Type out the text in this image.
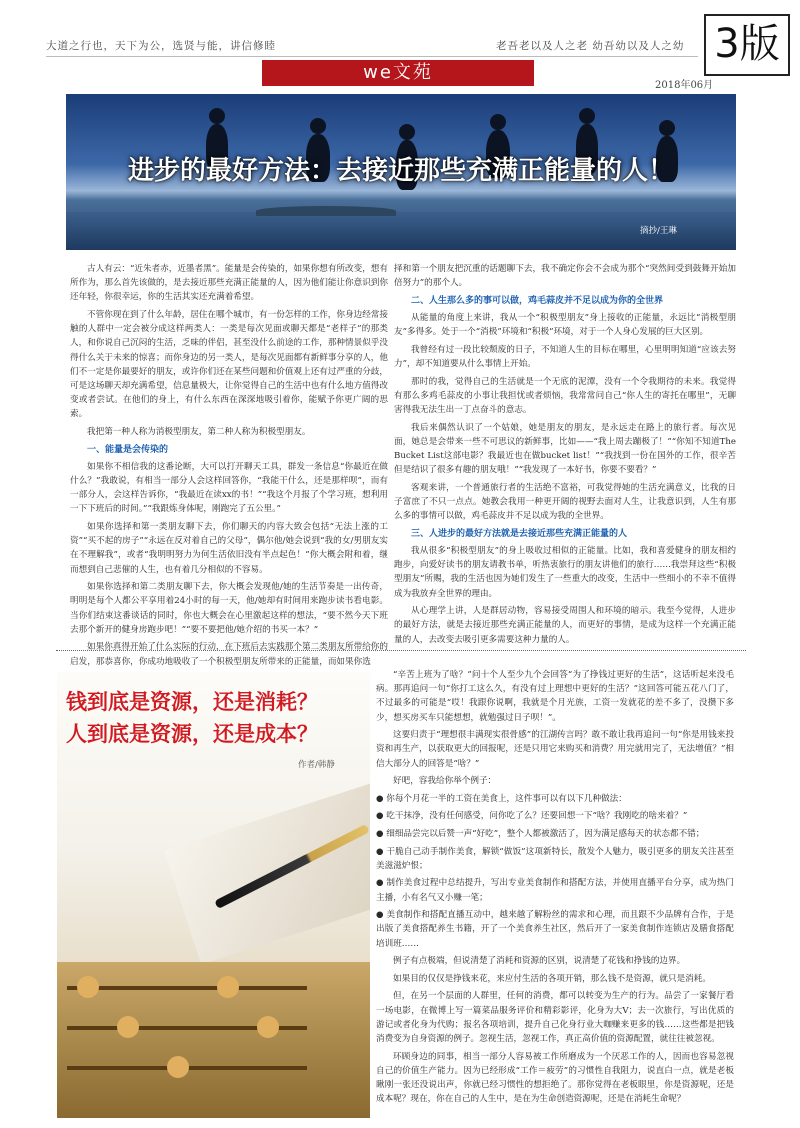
大道之行也，天下为公，选贤与能，讲信修睦	老吾老以及人之老 幼吾幼以及人之幼 3版
we文苑
2018年06月
进步的最好方法：去接近那些充满正能量的人！
摘抄/王琳

古人有云：“近朱者赤，近墨者黑”。能量是会传染的，如果你想有所改变，想有所作为，那么首先该做的，是去接近那些充满正能量的人，因为他们能让你意识到你还年轻，你很幸运，你的生活其实还充满着希望。

不管你现在到了什么年龄，居住在哪个城市，有一份怎样的工作，你身边经常接触的人群中一定会被分成这样两类人：一类是每次见面或聊天都是“老样子”的那类人，和你说自己沉闷的生活，乏味的伴侣，甚至没什么前途的工作，那种情景似乎没得什么关于未来的惊喜；而你身边的另一类人，是每次见面都有新鲜事分享的人，他们不一定是你最要好的朋友，或许你们还在某些问题和价值观上还有过严重的分歧，可是这场聊天却充满希望，信息量极大，让你觉得自己的生活中也有什么地方值得改变或者尝试。在他们的身上，有什么东西在深深地吸引着你，能赋予你更广阔的思索。

我把第一种人称为消极型朋友，第二种人称为积极型朋友。

一、能量是会传染的

如果你不相信我的这番论断，大可以打开聊天工具，群发一条信息“你最近在做什么？”我敢说，有相当一部分人会这样回答你，“我能干什么，还是那样呗”，而有一部分人，会这样告诉你，“我最近在读xx的书！”“我这个月报了个学习班，想利用一下下班后的时间。”“我跟炼身体呢，刚跑完了五公里。”

如果你选择和第一类朋友聊下去，你们聊天的内容大致会包括“无法上涨的工资”“买不起的房子”“永远在反对着自己的父母”，偶尔他/她会说到“我的女/男朋友实在不理解我”，或者“我明明努力为何生活依旧没有半点起色！”你大概会附和着，继而想到自己悲催的人生，也有着几分相似的不容易。

如果你选择和第二类朋友聊下去，你大概会发现他/她的生活节奏是一出传奇，明明是每个人都公平享用着24小时的每一天，他/她却有时间用来跑步读书看电影。当你们结束这番谈话的同时，你也大概会在心里激起这样的想法，“要不然今天下班去那个新开的健身房跑步吧！”“要不要把他/她介绍的书买一本？”

如果你真得开始了什么实际的行动，在下班后去实践那个第二类朋友所带给你的启发，那恭喜你，你成功地吸收了一个积极型朋友所带来的正能量，而如果你选

择和第一个朋友把沉重的话题聊下去，我不确定你会不会成为那个“突然间受到鼓舞开始加倍努力”的那个人。

二、人生那么多的事可以做，鸡毛蒜皮并不足以成为你的全世界

从能量的角度上来讲，我从一个“积极型朋友”身上接收的正能量，永远比“消极型朋友”多得多。处于一个“消极”环境和“积极”环境，对于一个人身心发展的巨大区别。

我曾经有过一段比较颓废的日子，不知道人生的目标在哪里，心里明明知道“应该去努力”，却不知道要从什么事情上开始。

那时的我，觉得自己的生活就是一个无底的泥潭，没有一个令我期待的未来。我觉得有那么多鸡毛蒜皮的小事让我担忧或者烦恼，我常常问自己“你人生的寄托在哪里”，无聊害得我无法生出一丁点奋斗的意志。

我后来偶然认识了一个姑娘，她是朋友的朋友，是永远走在路上的旅行者。每次见面，她总是会带来一些不可思议的新鲜事，比如——“我上周去蹦极了！”“你知不知道The Bucket List这部电影？我最近也在做bucket list！”“我找到一份在国外的工作，很辛苦但是结识了很多有趣的朋友哦！”“我发现了一本好书，你要不要看？”

客观来讲，一个普通旅行者的生活绝不富裕，可我觉得她的生活充满意义，比我的日子富庶了不只一点点。她教会我用一种更开阔的视野去面对人生，让我意识到，人生有那么多的事情可以做，鸡毛蒜皮并不足以成为我的全世界。

三、人进步的最好方法就是去接近那些充满正能量的人

我从很多“积极型朋友”的身上吸收过相似的正能量。比如，我和喜爱健身的朋友相约跑步，向爱好读书的朋友请教书单，听热衷旅行的朋友讲他们的旅行……我崇拜这些“积极型朋友”所赐，我的生活也因为她们发生了一些重大的改变，生活中一些细小的不幸不值得成为我放弃全世界的理由。

从心理学上讲，人是群居动物，容易接受周围人和环境的暗示。我至今觉得，人进步的最好方法，就是去接近那些充满正能量的人，而更好的事情，是成为这样一个充满正能量的人，去改变去吸引更多需要这种力量的人。

钱到底是资源，还是消耗？
人到底是资源，还是成本？
作者/韩静

“辛苦上班为了啥？”问十个人至少九个会回答“为了挣钱过更好的生活”，这话听起来没毛病。那再追问一句“你打工这么久，有没有过上理想中更好的生活？”这回答可能五花八门了，不过最多的可能是“哎！我跟你说啊，我就是个月光族，工资一发就花的差不多了，没攒下多少，想买房买车只能想想，就勉强过日子呗！”。

这要归责于“理想很丰满现实很骨感”的江湖传言吗？敢不敢让我再追问一句“你是用钱来投资和再生产，以获取更大的回报呢，还是只用它来购买和消费？用完就用完了，无法增值？”相信大部分人的回答是“啥？”

好吧，容我给你举个例子：

● 你每个月花一半的工资在美食上，这件事可以有以下几种做法：

● 吃干抹净，没有任何感受，问你吃了么？还要回想一下“啥？我刚吃的啥来着？”

● 细细品尝完以后赞一声“好吃”，整个人都被激活了，因为满足感每天的状态都不错；

● 干脆自己动手制作美食，解锁“做饭”这项新特长，散发个人魅力，吸引更多的朋友关注甚至美滋滋炉恨；

● 制作美食过程中总结提升，写出专业美食制作和搭配方法，并使用直播平台分享，成为热门主播，小有名气又小赚一笔；

● 美食制作和搭配直播互动中，越来越了解粉丝的需求和心理，而且跟不少品牌有合作，于是出版了美食搭配养生书籍，开了一个美食养生社区，然后开了一家美食制作连锁店及膳食搭配培训班……

例子有点极端，但说清楚了消耗和资源的区别，说清楚了花钱和挣钱的边界。

如果目的仅仅是挣钱来花，来应付生活的各项开销，那么钱不是资源，就只是消耗。

但，在另一个层面的人群里，任何的消费，都可以转变为生产的行为。品尝了一家餐厅看一场电影，在微博上写一篇菜品服务评价和精彩影评，化身为大V；去一次旅行，写出优质的游记或者化身为代购；报名各项培训，提升自己化身行业大咖赚来更多的钱……这些都是把钱消费变为自身资源的例子。忽视生活，忽视工作，真正高价值的资源配置，就往往被忽视。

环顾身边的同事，相当一部分人容易被工作所磨成为一个厌恶工作的人，因而也容易忽视自己的价值生产能力。因为已经形成“工作＝疲劳”的习惯性自我阻力，说直白一点，就是老板瞅刚一张还没说出声，你就已经习惯性的想拒绝了。那你觉得在老板眼里，你是资源呢，还是成本呢？现在，你在自己的人生中，是在为生命创造资源呢，还是在消耗生命呢？
